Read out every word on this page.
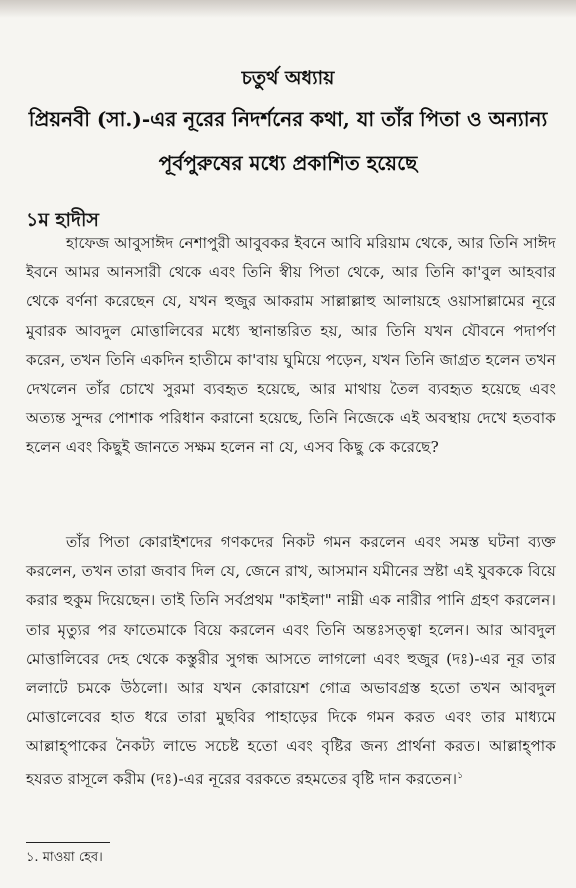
চতুর্থ অধ্যায়
প্রিয়নবী (সা.)-এর নূরের নিদর্শনের কথা, যা তাঁর পিতা ও অন্যান্য
পূর্বপুরুষের মধ্যে প্রকাশিত হয়েছে
১ম হাদীস

হাফেজ আবুসাঈদ নেশাপুরী আবুবকর ইবনে আবি মরিয়াম থেকে, আর তিনি সাঈদ ইবনে আমর আনসারী থেকে এবং তিনি স্বীয় পিতা থেকে, আর তিনি কা'বুল আহবার থেকে বর্ণনা করেছেন যে, যখন হুজুর আকরাম সাল্লাল্লাহু আলায়হে ওয়াসাল্লামের নূরে মুবারক আবদুল মোত্তালিবের মধ্যে স্থানান্তরিত হয়, আর তিনি যখন যৌবনে পদার্পণ করেন, তখন তিনি একদিন হাতীমে কা'বায় ঘুমিয়ে পড়েন, যখন তিনি জাগ্রত হলেন তখন দেখলেন তাঁর চোখে সুরমা ব্যবহৃত হয়েছে, আর মাথায় তৈল ব্যবহৃত হয়েছে এবং অত্যন্ত সুন্দর পোশাক পরিধান করানো হয়েছে, তিনি নিজেকে এই অবস্থায় দেখে হতবাক হলেন এবং কিছুই জানতে সক্ষম হলেন না যে, এসব কিছু কে করেছে?

তাঁর পিতা কোরাইশদের গণকদের নিকট গমন করলেন এবং সমস্ত ঘটনা ব্যক্ত করলেন, তখন তারা জবাব দিল যে, জেনে রাখ, আসমান যমীনের স্রষ্টা এই যুবককে বিয়ে করার হুকুম দিয়েছেন। তাই তিনি সর্বপ্রথম "কাইলা" নাম্নী এক নারীর পানি গ্রহণ করলেন। তার মৃত্যুর পর ফাতেমাকে বিয়ে করলেন এবং তিনি অন্তঃসত্ত্বা হলেন। আর আবদুল মোত্তালিবের দেহ থেকে কস্তুরীর সুগন্ধ আসতে লাগলো এবং হুজুর (দঃ)-এর নূর তার ললাটে চমকে উঠলো। আর যখন কোরায়েশ গোত্র অভাবগ্রস্ত হতো তখন আবদুল মোত্তালেবের হাত ধরে তারা মুছবির পাহাড়ের দিকে গমন করত এবং তার মাধ্যমে আল্লাহ্পাকের নৈকট্য লাভে সচেষ্ট হতো এবং বৃষ্টির জন্য প্রার্থনা করত। আল্লাহ্পাক হযরত রাসূলে করীম (দঃ)-এর নূরের বরকতে রহমতের বৃষ্টি দান করতেন।$^১$

১. মাওয়া হেব।
